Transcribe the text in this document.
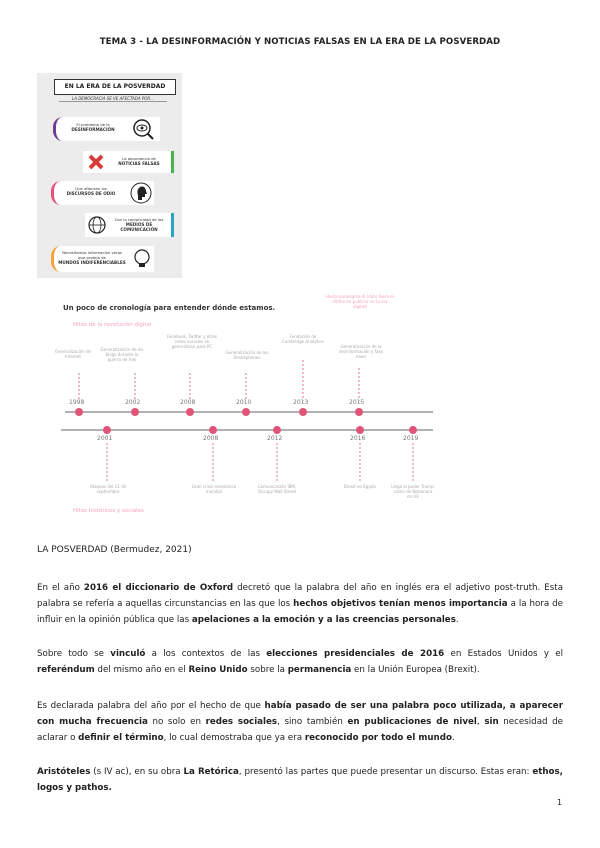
TEMA 3 - LA DESINFORMACIÓN Y NOTICIAS FALSAS EN LA ERA DE LA POSVERDAD
EN LA ERA DE LA POSVERDAD
LA DEMOCRACIA SE VE AFECTADA POR...
El problema de la
DESINFORMACIÓN
La abundancia de
NOTICIAS FALSAS
Que afianzan los
DISCURSOS DE ODIO
Con la complicidad de los
MEDIOS DE COMUNICACIÓN
Necesitamos información veraz que proteja de
MUNDOS INDIFERENCIABLES
Un poco de cronología para entender dónde estamos.
Hitos de la revolución digital
Hasta paradigma di (dato fuera el último en publicar en la era digital)
Generalización de Internet
Generalización de los blogs durante la guerra de Irak
Facebook, Twitter y otras redes sociales se generalizan para PC
Generalización de los Smartphones
Fundación de Cambridge Analytica
Generalización de la desinformación y fake news
1998	2002	2008	2010	2013	2015
2001	2008	2012	2016	2019
Ataques del 11 de septiembre
Gran crisis económica mundial
Comunicación IBM, Occupy Wall Street
Brexit en Egipto	Llega al poder Trump, como de Bolsonaro en UE
Hitos históricos y sociales
LA POSVERDAD (Bermudez, 2021)
En el año 2016 el diccionario de Oxford decretó que la palabra del año en inglés era el adjetivo post-truth. Esta palabra se refería a aquellas circunstancias en las que los hechos objetivos tenían menos importancia a la hora de influir en la opinión pública que las apelaciones a la emoción y a las creencias personales.
Sobre todo se vinculó a los contextos de las elecciones presidenciales de 2016 en Estados Unidos y el referéndum del mismo año en el Reino Unido sobre la permanencia en la Unión Europea (Brexit).
Es declarada palabra del año por el hecho de que había pasado de ser una palabra poco utilizada, a aparecer con mucha frecuencia no solo en redes sociales, sino también en publicaciones de nivel, sin necesidad de aclarar o definir el término, lo cual demostraba que ya era reconocido por todo el mundo.
Aristóteles (s IV ac), en su obra La Retórica, presentó las partes que puede presentar un discurso. Estas eran: ethos, logos y pathos.
1
